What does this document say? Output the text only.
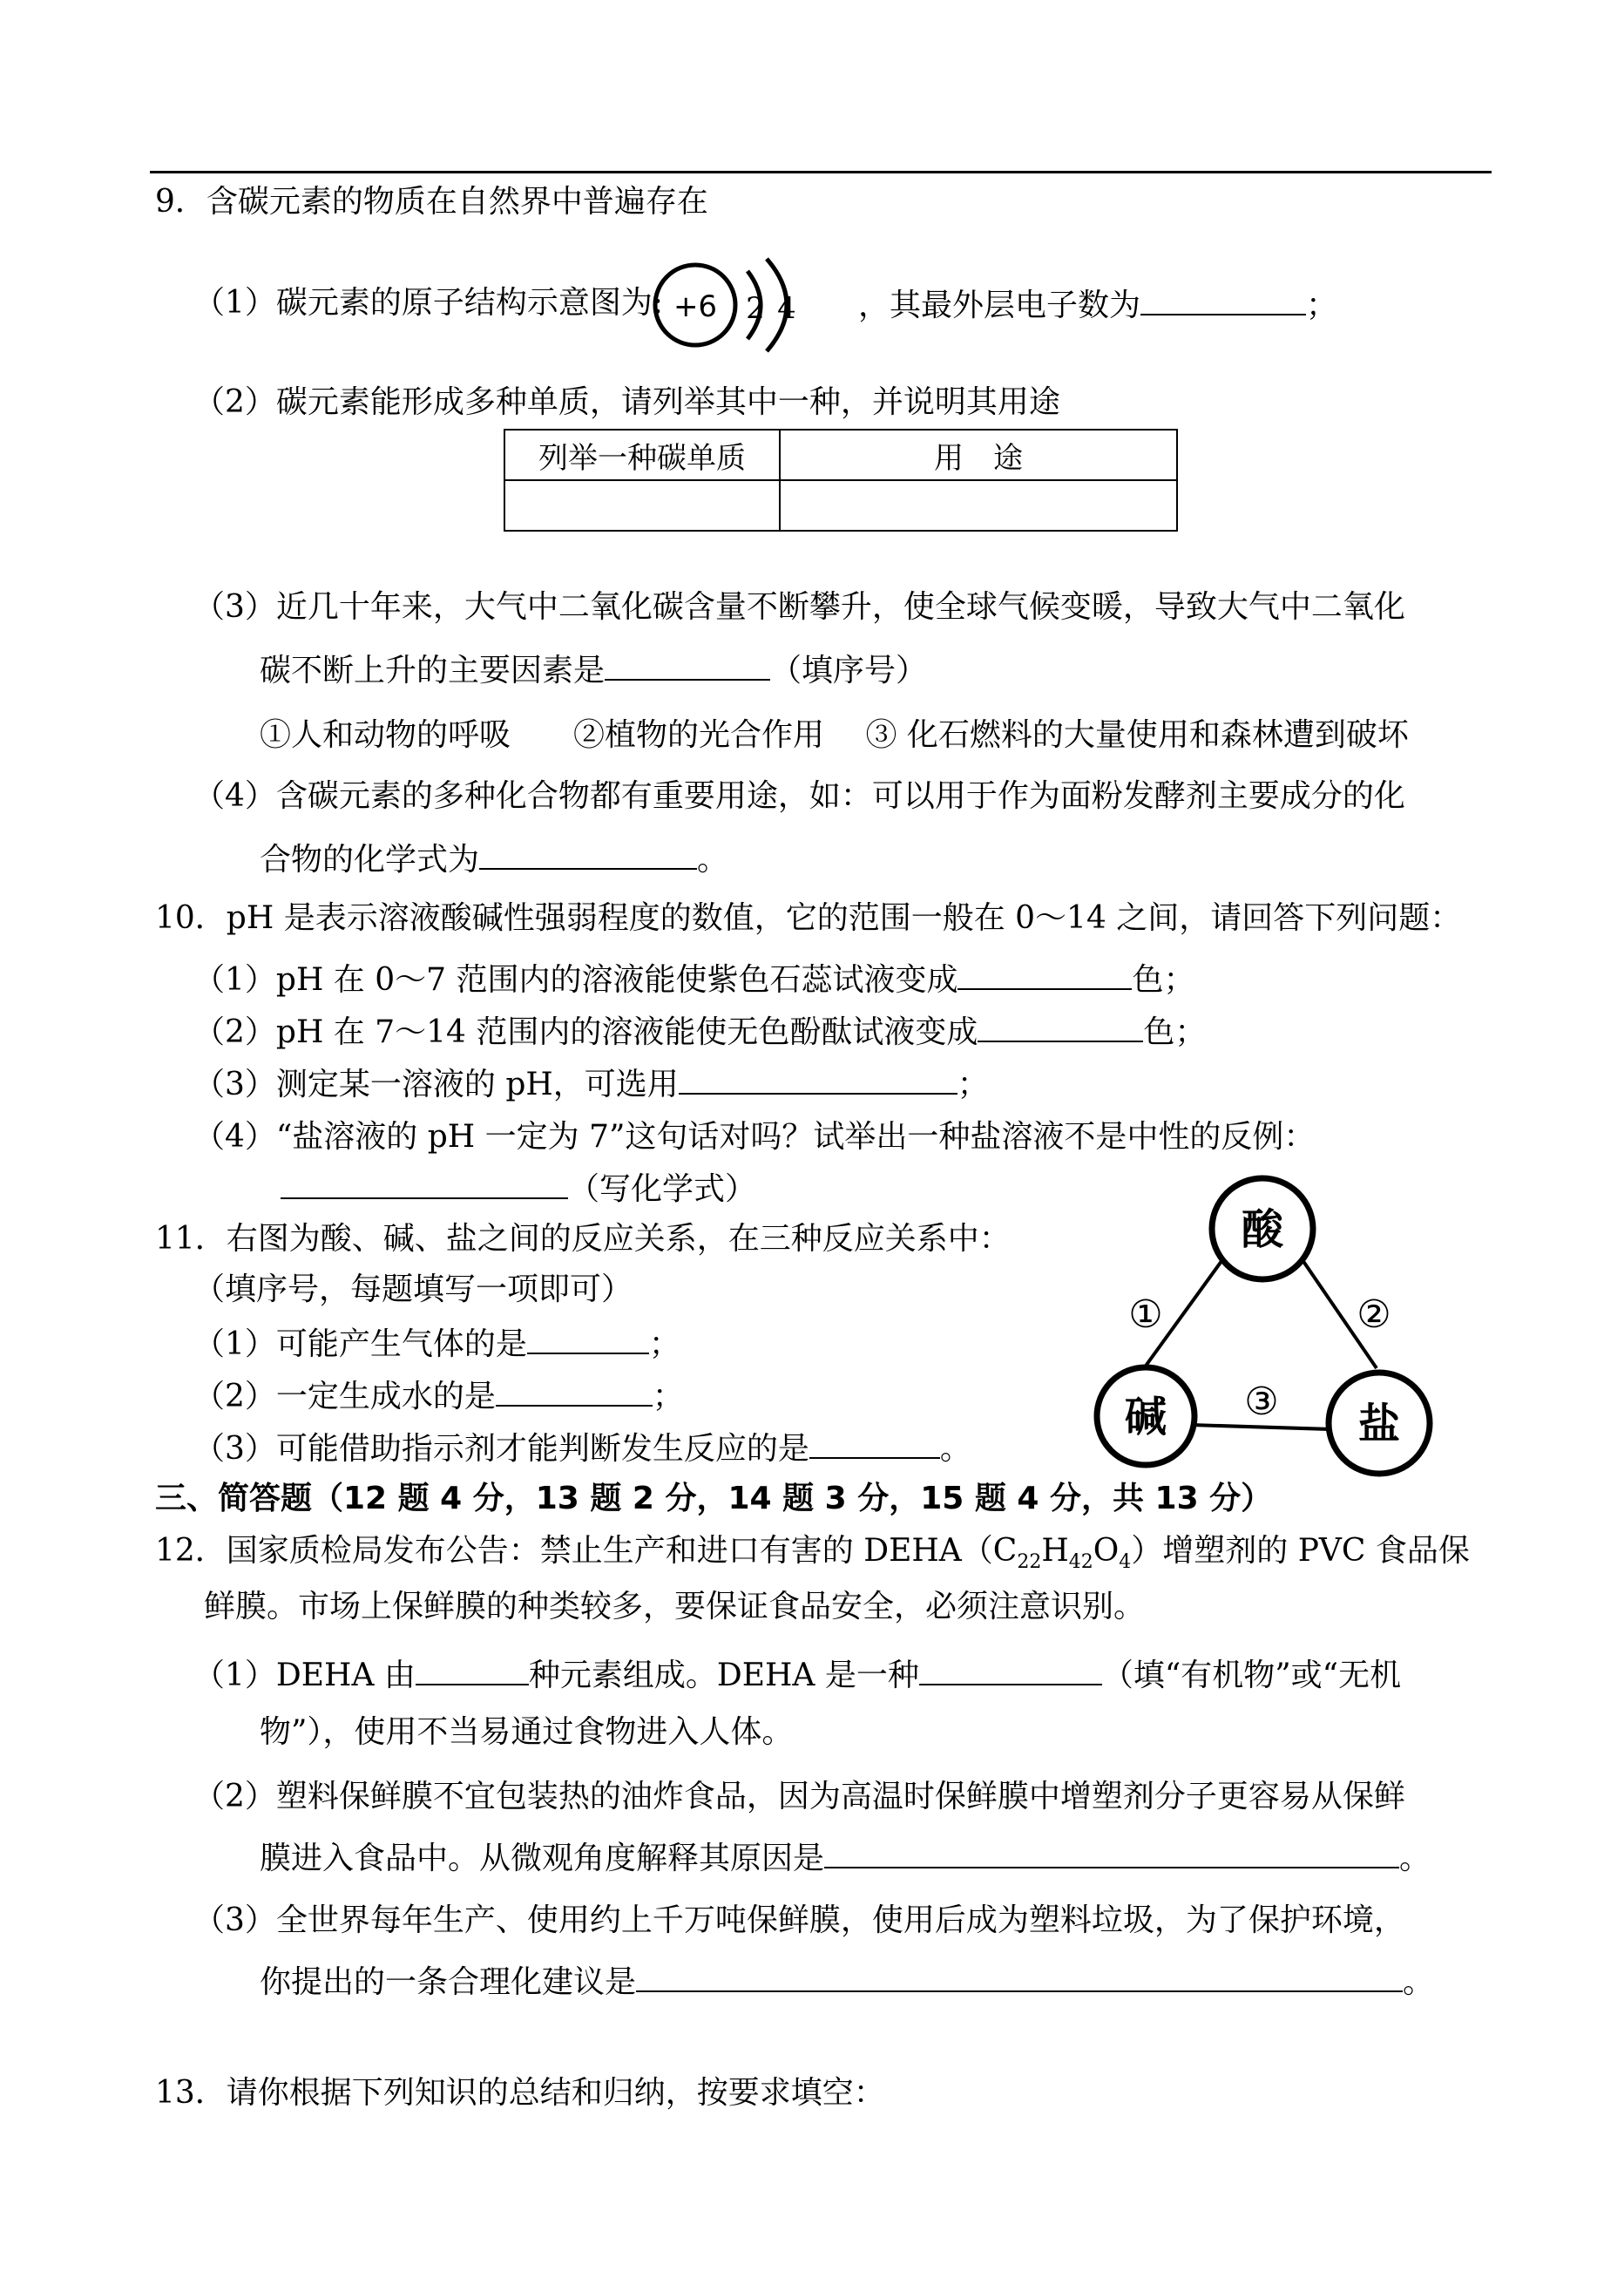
9．含碳元素的物质在自然界中普遍存在
（1）碳元素的原子结构示意图为: +6 2 4 ，其最外层电子数为	；
（2）碳元素能形成多种单质，请列举其中一种，并说明其用途
列举一种碳单质	用　途

（3）近几十年来，大气中二氧化碳含量不断攀升，使全球气候变暖，导致大气中二氧化
碳不断上升的主要因素是	（填序号）
①人和动物的呼吸　　②植物的光合作用　 ③ 化石燃料的大量使用和森林遭到破坏
（4）含碳元素的多种化合物都有重要用途，如：可以用于作为面粉发酵剂主要成分的化
合物的化学式为	。
10．pH 是表示溶液酸碱性强弱程度的数值，它的范围一般在 0～14 之间，请回答下列问题：
（1）pH 在 0～7 范围内的溶液能使紫色石蕊试液变成	色；
（2）pH 在 7～14 范围内的溶液能使无色酚酞试液变成	色；
（3）测定某一溶液的 pH，可选用	；
（4）“盐溶液的 pH 一定为 7”这句话对吗？试举出一种盐溶液不是中性的反例：
（写化学式）
11．右图为酸、碱、盐之间的反应关系，在三种反应关系中：
（填序号，每题填写一项即可）
（1）可能产生气体的是	；
（2）一定生成水的是	；
（3）可能借助指示剂才能判断发生反应的是	。
酸
碱	盐
①	②
③
三、简答题（12 题 4 分，13 题 2 分，14 题 3 分，15 题 4 分，共 13 分）
12．国家质检局发布公告：禁止生产和进口有害的 $DEHA(C_{22}H_{42}O_4)$增塑剂的 PVC 食品保
鲜膜。市场上保鲜膜的种类较多，要保证食品安全，必须注意识别。
（1）DEHA 由	种元素组成。DEHA 是一种	（填“有机物”或“无机
物”），使用不当易通过食物进入人体。
（2）塑料保鲜膜不宜包装热的油炸食品，因为高温时保鲜膜中增塑剂分子更容易从保鲜
膜进入食品中。从微观角度解释其原因是	。
（3）全世界每年生产、使用约上千万吨保鲜膜，使用后成为塑料垃圾，为了保护环境，
你提出的一条合理化建议是	。
13．请你根据下列知识的总结和归纳，按要求填空：
